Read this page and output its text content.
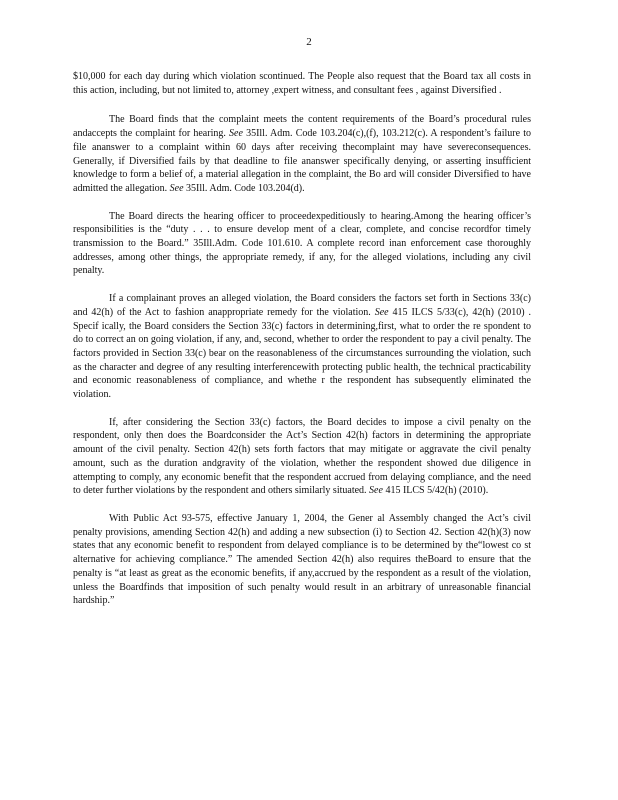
2

$10,000 for each day during which violation scontinued. The People also request that the Board tax all costs in this action, including, but not limited to, attorney ,expert witness, and consultant fees , against Diversified .

The Board finds that the complaint meets the content requirements of the Board’s procedural rules andaccepts the complaint for hearing. See 35Ill. Adm. Code 103.204(c),(f), 103.212(c). A respondent’s failure to file ananswer to a complaint within 60 days after receiving thecomplaint may have severeconsequences. Generally, if Diversified fails by that deadline to file ananswer specifically denying, or asserting insufficient knowledge to form a belief of, a material allegation in the complaint, the Bo ard will consider Diversified to have admitted the allegation. See 35Ill. Adm. Code 103.204(d).

The Board directs the hearing officer to proceedexpeditiously to hearing.Among the hearing officer’s responsibilities is the “duty . . . to ensure develop ment of a clear, complete, and concise recordfor timely transmission to the Board.” 35Ill.Adm. Code 101.610. A complete record inan enforcement case thoroughly addresses, among other things, the appropriate remedy, if any, for the alleged violations, including any civil penalty.

If a complainant proves an alleged violation, the Board considers the factors set forth in Sections 33(c) and 42(h) of the Act to fashion anappropriate remedy for the violation. See 415 ILCS 5/33(c), 42(h) (2010) . Specif ically, the Board considers the Section 33(c) factors in determining,first, what to order the re spondent to do to correct an on going violation, if any, and, second, whether to order the respondent to pay a civil penalty. The factors provided in Section 33(c) bear on the reasonableness of the circumstances surrounding the violation, such as the character and degree of any resulting interferencewith protecting public health, the technical practicability and economic reasonableness of compliance, and whethe r the respondent has subsequently eliminated the violation.

If, after considering the Section 33(c) factors, the Board decides to impose a civil penalty on the respondent, only then does the Boardconsider the Act’s Section 42(h) factors in determining the appropriate amount of the civil penalty. Section 42(h) sets forth factors that may mitigate or aggravate the civil penalty amount, such as the duration andgravity of the violation, whether the respondent showed due diligence in attempting to comply, any economic benefit that the respondent accrued from delaying compliance, and the need to deter further violations by the respondent and others similarly situated. See 415 ILCS 5/42(h) (2010).

With Public Act 93-575, effective January 1, 2004, the Gener al Assembly changed the Act’s civil penalty provisions, amending Section 42(h) and adding a new subsection (i) to Section 42. Section 42(h)(3) now states that any economic benefit to respondent from delayed compliance is to be determined by the“lowest co st alternative for achieving compliance.” The amended Section 42(h) also requires theBoard to ensure that the penalty is “at least as great as the economic benefits, if any,accrued by the respondent as a result of the violation, unless the Boardfinds that imposition of such penalty would result in an arbitrary of unreasonable financial hardship.”
